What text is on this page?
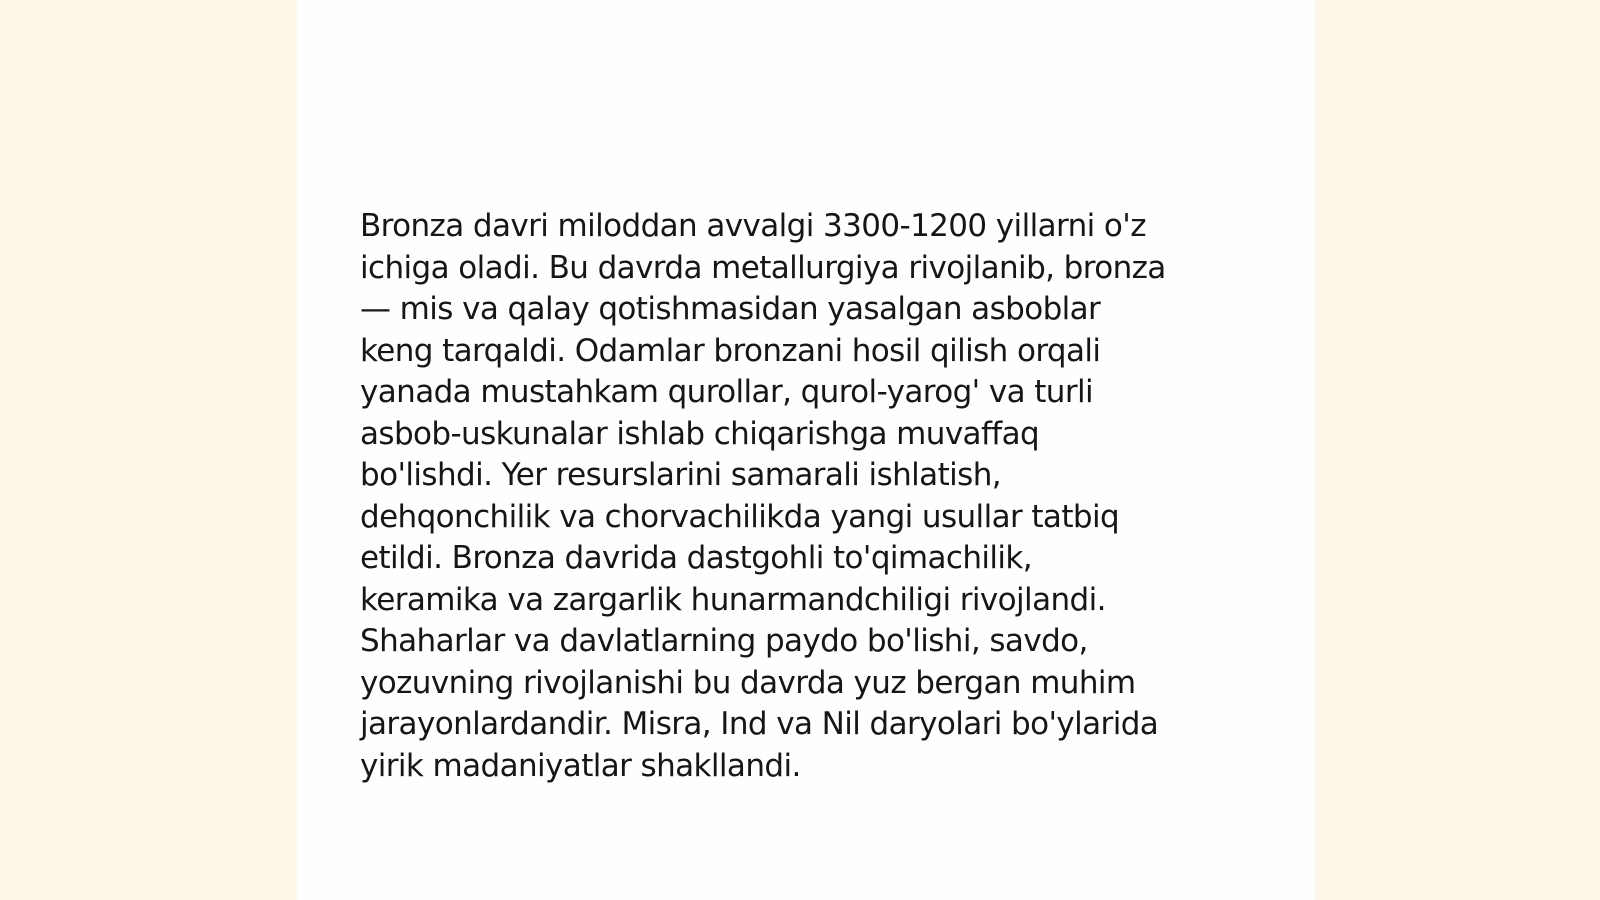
Bronza davri miloddan avvalgi 3300-1200 yillarni o'z
ichiga oladi. Bu davrda metallurgiya rivojlanib, bronza
— mis va qalay qotishmasidan yasalgan asboblar
keng tarqaldi. Odamlar bronzani hosil qilish orqali
yanada mustahkam qurollar, qurol-yarog' va turli
asbob-uskunalar ishlab chiqarishga muvaffaq
bo'lishdi. Yer resurslarini samarali ishlatish,
dehqonchilik va chorvachilikda yangi usullar tatbiq
etildi. Bronza davrida dastgohli to'qimachilik,
keramika va zargarlik hunarmandchiligi rivojlandi.
Shaharlar va davlatlarning paydo bo'lishi, savdo,
yozuvning rivojlanishi bu davrda yuz bergan muhim
jarayonlardandir. Misra, Ind va Nil daryolari bo'ylarida
yirik madaniyatlar shakllandi.
